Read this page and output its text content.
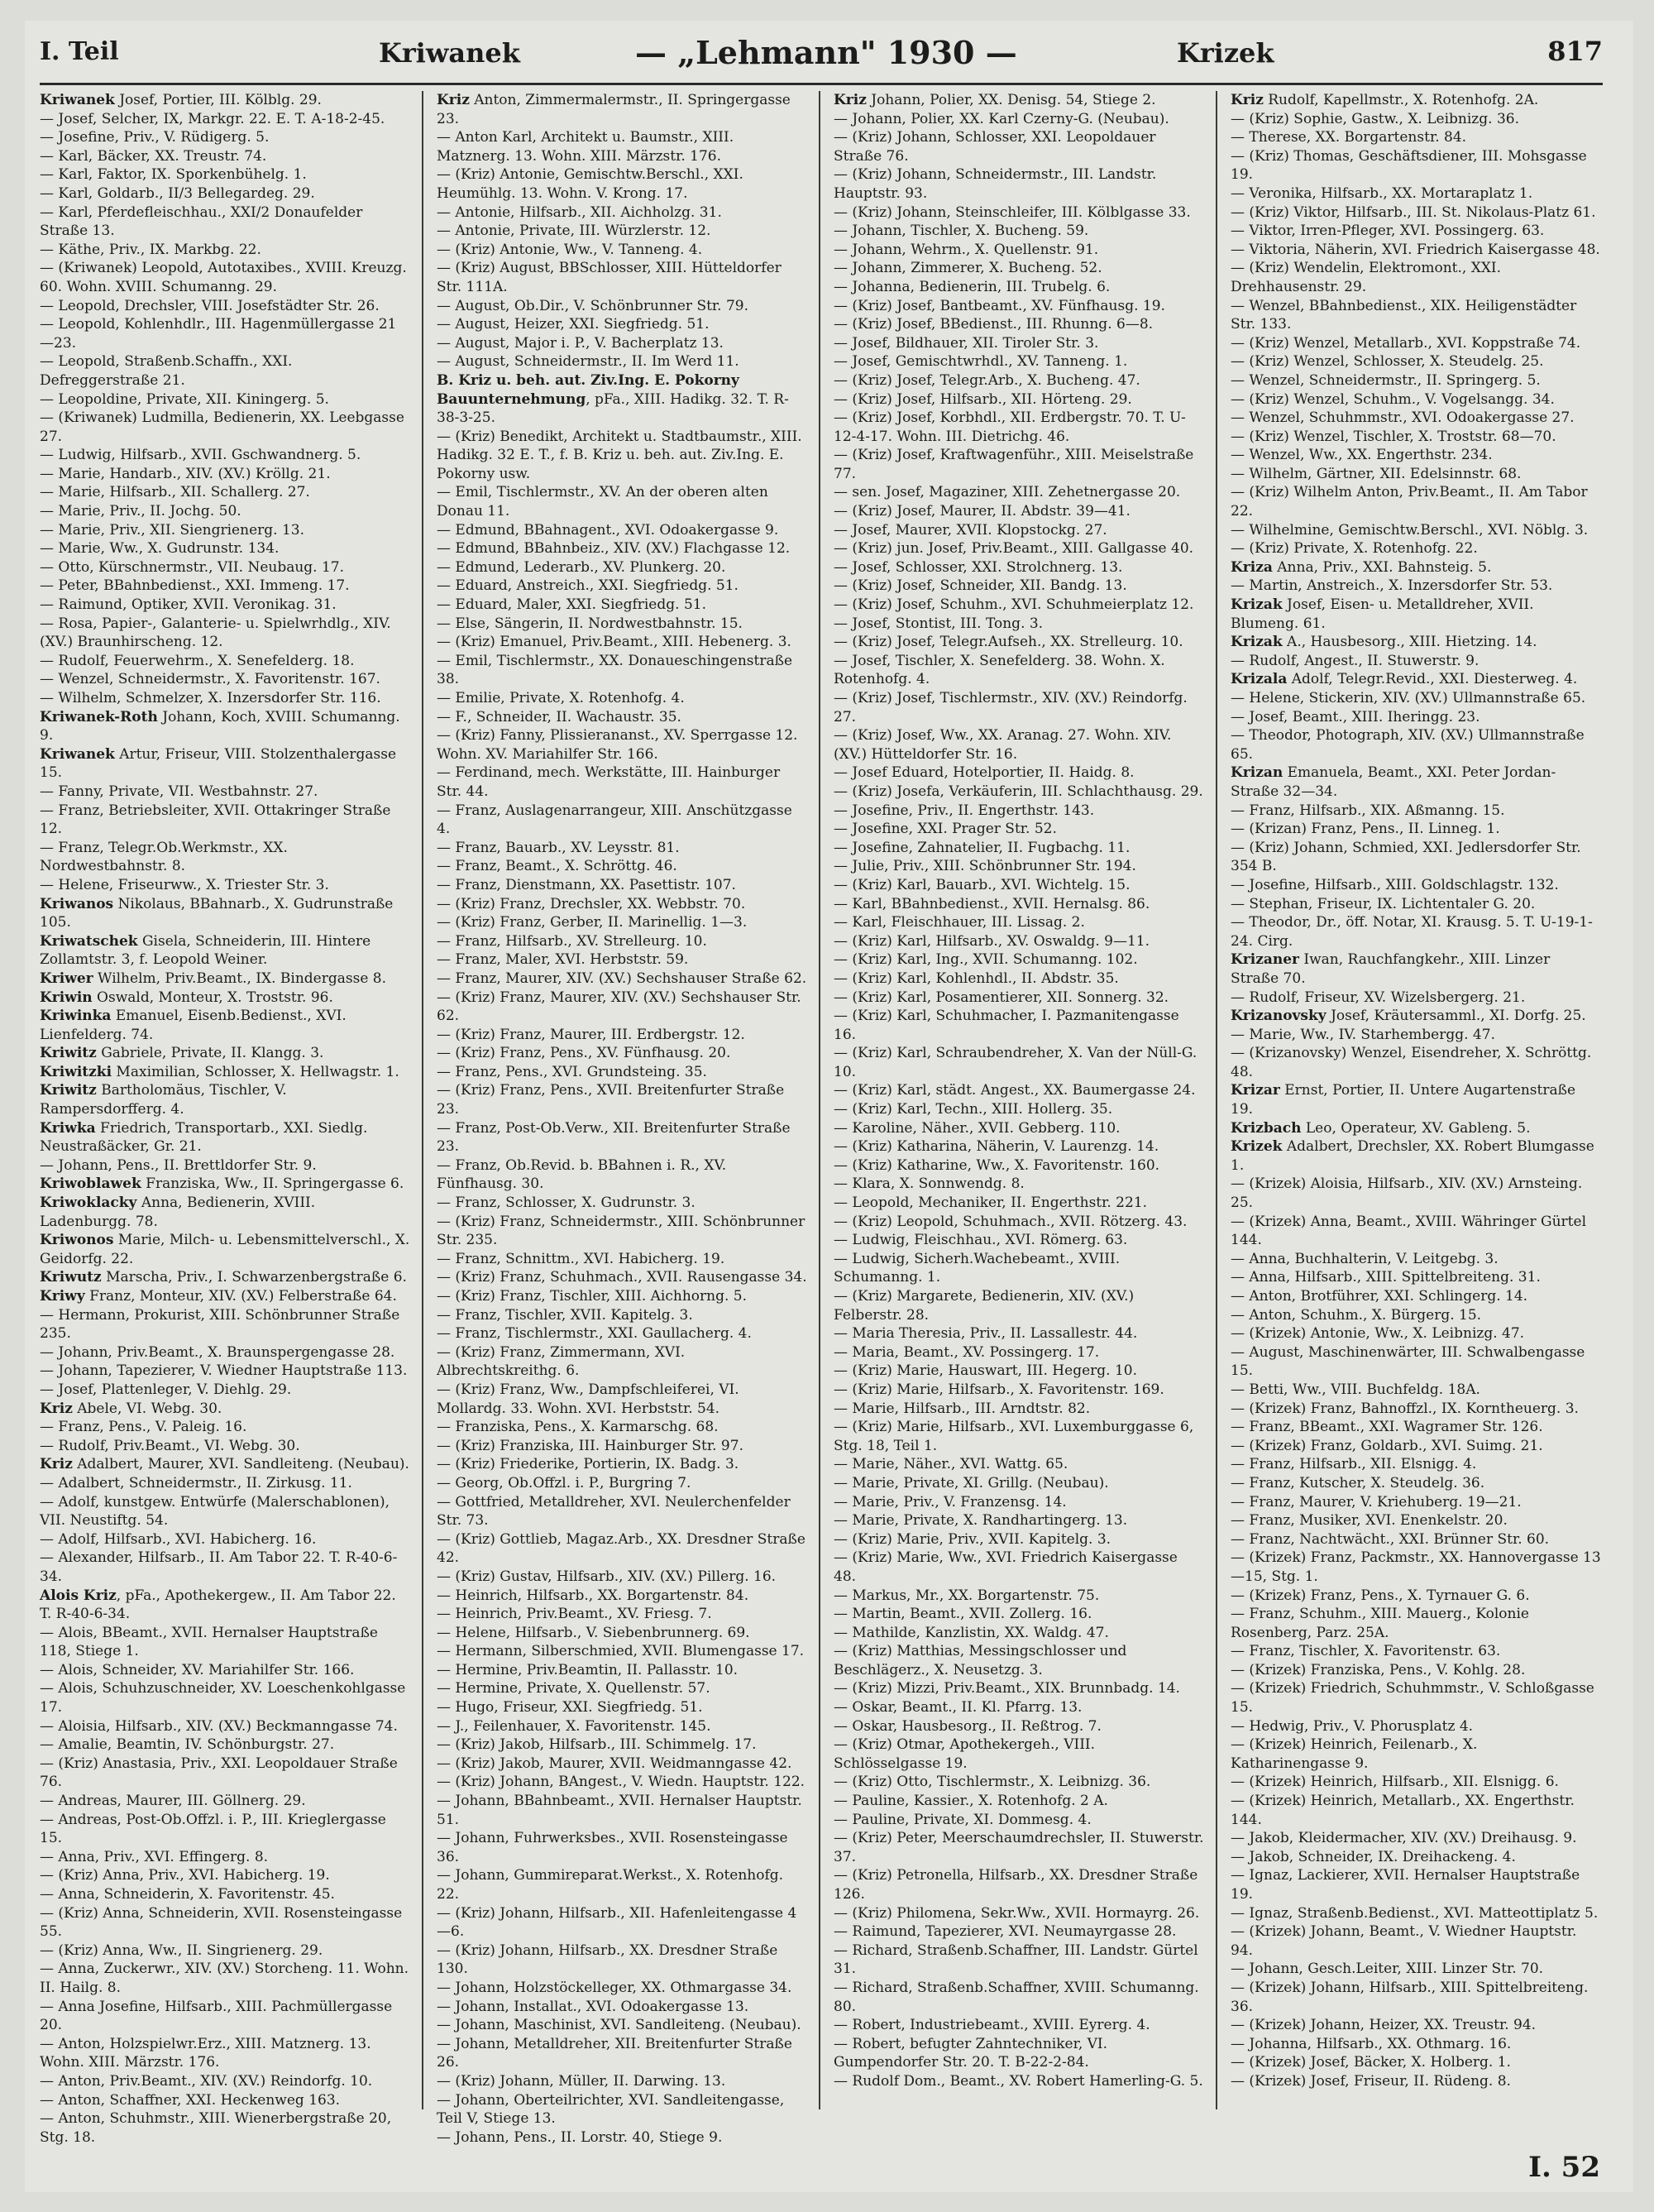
I. Teil	Kriwanek	— „Lehmann" 1930 —	Krizek	817
Kriwanek Josef, Portier, III. Kölblg. 29.
— Josef, Selcher, IX, Markgr. 22. E. T. A-18-2-45.
— Josefine, Priv., V. Rüdigerg. 5.
— Karl, Bäcker, XX. Treustr. 74.
— Karl, Faktor, IX. Sporkenbühelg. 1.
— Karl, Goldarb., II/3 Bellegardeg. 29.
— Karl, Pferdefleischhau., XXI/2 Donaufelder Straße 13.
— Käthe, Priv., IX. Markbg. 22.
— (Kriwanek) Leopold, Autotaxibes., XVIII. Kreuzg. 60. Wohn. XVIII. Schumanng. 29.
— Leopold, Drechsler, VIII. Josefstädter Str. 26.
— Leopold, Kohlenhdlr., III. Hagenmüllergasse 21—23.
— Leopold, Straßenb.Schaffn., XXI. Defreggerstraße 21.
— Leopoldine, Private, XII. Kiningerg. 5.
— (Kriwanek) Ludmilla, Bedienerin, XX. Leebgasse 27.
— Ludwig, Hilfsarb., XVII. Gschwandnerg. 5.
— Marie, Handarb., XIV. (XV.) Kröllg. 21.
— Marie, Hilfsarb., XII. Schallerg. 27.
— Marie, Priv., II. Jochg. 50.
— Marie, Priv., XII. Siengrienerg. 13.
— Marie, Ww., X. Gudrunstr. 134.
— Otto, Kürschnermstr., VII. Neubaug. 17.
— Peter, BBahnbedienst., XXI. Immeng. 17.
— Raimund, Optiker, XVII. Veronikag. 31.
— Rosa, Papier-, Galanterie- u. Spielwrhdlg., XIV. (XV.) Braunhirscheng. 12.
— Rudolf, Feuerwehrm., X. Senefelderg. 18.
— Wenzel, Schneidermstr., X. Favoritenstr. 167.
— Wilhelm, Schmelzer, X. Inzersdorfer Str. 116.
Kriwanek-Roth Johann, Koch, XVIII. Schumanng. 9.
Kriwanek Artur, Friseur, VIII. Stolzenthalergasse 15.
— Fanny, Private, VII. Westbahnstr. 27.
— Franz, Betriebsleiter, XVII. Ottakringer Straße 12.
— Franz, Telegr.Ob.Werkmstr., XX. Nordwestbahnstr. 8.
— Helene, Friseurww., X. Triester Str. 3.
Kriwanos Nikolaus, BBahnarb., X. Gudrunstraße 105.
Kriwatschek Gisela, Schneiderin, III. Hintere Zollamtstr. 3, f. Leopold Weiner.
Kriwer Wilhelm, Priv.Beamt., IX. Bindergasse 8.
Kriwin Oswald, Monteur, X. Troststr. 96.
Kriwinka Emanuel, Eisenb.Bedienst., XVI. Lienfelderg. 74.
Kriwitz Gabriele, Private, II. Klangg. 3.
Kriwitzki Maximilian, Schlosser, X. Hellwagstr. 1.
Kriwitz Bartholomäus, Tischler, V. Rampersdorfferg. 4.
Kriwka Friedrich, Transportarb., XXI. Siedlg. Neustraßäcker, Gr. 21.
— Johann, Pens., II. Brettldorfer Str. 9.
Kriwoblawek Franziska, Ww., II. Springergasse 6.
Kriwoklacky Anna, Bedienerin, XVIII. Ladenburgg. 78.
Kriwonos Marie, Milch- u. Lebensmittelverschl., X. Geidorfg. 22.
Kriwutz Marscha, Priv., I. Schwarzenbergstraße 6.
Kriwy Franz, Monteur, XIV. (XV.) Felberstraße 64.
— Hermann, Prokurist, XIII. Schönbrunner Straße 235.
— Johann, Priv.Beamt., X. Braunspergengasse 28.
— Johann, Tapezierer, V. Wiedner Hauptstraße 113.
— Josef, Plattenleger, V. Diehlg. 29.
Kriz Abele, VI. Webg. 30.
— Franz, Pens., V. Paleig. 16.
— Rudolf, Priv.Beamt., VI. Webg. 30.
Kriz Adalbert, Maurer, XVI. Sandleiteng. (Neubau).
— Adalbert, Schneidermstr., II. Zirkusg. 11.
— Adolf, kunstgew. Entwürfe (Malerschablonen), VII. Neustiftg. 54.
— Adolf, Hilfsarb., XVI. Habicherg. 16.
— Alexander, Hilfsarb., II. Am Tabor 22. T. R-40-6-34.
Alois Kriz, pFa., Apothekergew., II. Am Tabor 22. T. R-40-6-34.
— Alois, BBeamt., XVII. Hernalser Hauptstraße 118, Stiege 1.
— Alois, Schneider, XV. Mariahilfer Str. 166.
— Alois, Schuhzuschneider, XV. Loeschenkohlgasse 17.
— Aloisia, Hilfsarb., XIV. (XV.) Beckmanngasse 74.
— Amalie, Beamtin, IV. Schönburgstr. 27.
— (Kriz) Anastasia, Priv., XXI. Leopoldauer Straße 76.
— Andreas, Maurer, III. Göllnerg. 29.
— Andreas, Post-Ob.Offzl. i. P., III. Krieglergasse 15.
— Anna, Priv., XVI. Effingerg. 8.
— (Kriz) Anna, Priv., XVI. Habicherg. 19.
— Anna, Schneiderin, X. Favoritenstr. 45.
— (Kriz) Anna, Schneiderin, XVII. Rosensteingasse 55.
— (Kriz) Anna, Ww., II. Singrienerg. 29.
— Anna, Zuckerwr., XIV. (XV.) Storcheng. 11. Wohn. II. Hailg. 8.
— Anna Josefine, Hilfsarb., XIII. Pachmüllergasse 20.
— Anton, Holzspielwr.Erz., XIII. Matznerg. 13. Wohn. XIII. Märzstr. 176.
— Anton, Priv.Beamt., XIV. (XV.) Reindorfg. 10.
— Anton, Schaffner, XXI. Heckenweg 163.
— Anton, Schuhmstr., XIII. Wienerbergstraße 20, Stg. 18.
Kriz Anton, Zimmermalermstr., II. Springergasse 23.
— Anton Karl, Architekt u. Baumstr., XIII. Matznerg. 13. Wohn. XIII. Märzstr. 176.
— (Kriz) Antonie, Gemischtw.Berschl., XXI. Heumühlg. 13. Wohn. V. Krong. 17.
— Antonie, Hilfsarb., XII. Aichholzg. 31.
— Antonie, Private, III. Würzlerstr. 12.
— (Kriz) Antonie, Ww., V. Tanneng. 4.
— (Kriz) August, BBSchlosser, XIII. Hütteldorfer Str. 111A.
— August, Ob.Dir., V. Schönbrunner Str. 79.
— August, Heizer, XXI. Siegfriedg. 51.
— August, Major i. P., V. Bacherplatz 13.
— August, Schneidermstr., II. Im Werd 11.
B. Kriz u. beh. aut. Ziv.Ing. E. Pokorny Bauunternehmung, pFa., XIII. Hadikg. 32. T. R-38-3-25.
— (Kriz) Benedikt, Architekt u. Stadtbaumstr., XIII. Hadikg. 32 E. T., f. B. Kriz u. beh. aut. Ziv.Ing. E. Pokorny usw.
— Emil, Tischlermstr., XV. An der oberen alten Donau 11.
— Edmund, BBahnagent., XVI. Odoakergasse 9.
— Edmund, BBahnbeiz., XIV. (XV.) Flachgasse 12.
— Edmund, Lederarb., XV. Plunkerg. 20.
— Eduard, Anstreich., XXI. Siegfriedg. 51.
— Eduard, Maler, XXI. Siegfriedg. 51.
— Else, Sängerin, II. Nordwestbahnstr. 15.
— (Kriz) Emanuel, Priv.Beamt., XIII. Hebenerg. 3.
— Emil, Tischlermstr., XX. Donaueschingenstraße 38.
— Emilie, Private, X. Rotenhofg. 4.
— F., Schneider, II. Wachaustr. 35.
— (Kriz) Fanny, Plissierananst., XV. Sperrgasse 12. Wohn. XV. Mariahilfer Str. 166.
— Ferdinand, mech. Werkstätte, III. Hainburger Str. 44.
— Franz, Auslagenarrangeur, XIII. Anschützgasse 4.
— Franz, Bauarb., XV. Leysstr. 81.
— Franz, Beamt., X. Schröttg. 46.
— Franz, Dienstmann, XX. Pasettistr. 107.
— (Kriz) Franz, Drechsler, XX. Webbstr. 70.
— (Kriz) Franz, Gerber, II. Marinellig. 1—3.
— Franz, Hilfsarb., XV. Strelleurg. 10.
— Franz, Maler, XVI. Herbststr. 59.
— Franz, Maurer, XIV. (XV.) Sechshauser Straße 62.
— (Kriz) Franz, Maurer, XIV. (XV.) Sechshauser Str. 62.
— (Kriz) Franz, Maurer, III. Erdbergstr. 12.
— (Kriz) Franz, Pens., XV. Fünfhausg. 20.
— Franz, Pens., XVI. Grundsteing. 35.
— (Kriz) Franz, Pens., XVII. Breitenfurter Straße 23.
— Franz, Post-Ob.Verw., XII. Breitenfurter Straße 23.
— Franz, Ob.Revid. b. BBahnen i. R., XV. Fünfhausg. 30.
— Franz, Schlosser, X. Gudrunstr. 3.
— (Kriz) Franz, Schneidermstr., XIII. Schönbrunner Str. 235.
— Franz, Schnittm., XVI. Habicherg. 19.
— (Kriz) Franz, Schuhmach., XVII. Rausengasse 34.
— (Kriz) Franz, Tischler, XIII. Aichhorng. 5.
— Franz, Tischler, XVII. Kapitelg. 3.
— Franz, Tischlermstr., XXI. Gaullacherg. 4.
— (Kriz) Franz, Zimmermann, XVI. Albrechtskreithg. 6.
— (Kriz) Franz, Ww., Dampfschleiferei, VI. Mollardg. 33. Wohn. XVI. Herbststr. 54.
— Franziska, Pens., X. Karmarschg. 68.
— (Kriz) Franziska, III. Hainburger Str. 97.
— (Kriz) Friederike, Portierin, IX. Badg. 3.
— Georg, Ob.Offzl. i. P., Burgring 7.
— Gottfried, Metalldreher, XVI. Neulerchenfelder Str. 73.
— (Kriz) Gottlieb, Magaz.Arb., XX. Dresdner Straße 42.
— (Kriz) Gustav, Hilfsarb., XIV. (XV.) Pillerg. 16.
— Heinrich, Hilfsarb., XX. Borgartenstr. 84.
— Heinrich, Priv.Beamt., XV. Friesg. 7.
— Helene, Hilfsarb., V. Siebenbrunnerg. 69.
— Hermann, Silberschmied, XVII. Blumengasse 17.
— Hermine, Priv.Beamtin, II. Pallasstr. 10.
— Hermine, Private, X. Quellenstr. 57.
— Hugo, Friseur, XXI. Siegfriedg. 51.
— J., Feilenhauer, X. Favoritenstr. 145.
— (Kriz) Jakob, Hilfsarb., III. Schimmelg. 17.
— (Kriz) Jakob, Maurer, XVII. Weidmanngasse 42.
— (Kriz) Johann, BAngest., V. Wiedn. Hauptstr. 122.
— Johann, BBahnbeamt., XVII. Hernalser Hauptstr. 51.
— Johann, Fuhrwerksbes., XVII. Rosensteingasse 36.
— Johann, Gummireparat.Werkst., X. Rotenhofg. 22.
— (Kriz) Johann, Hilfsarb., XII. Hafenleitengasse 4—6.
— (Kriz) Johann, Hilfsarb., XX. Dresdner Straße 130.
— Johann, Holzstöckelleger, XX. Othmargasse 34.
— Johann, Installat., XVI. Odoakergasse 13.
— Johann, Maschinist, XVI. Sandleiteng. (Neubau).
— Johann, Metalldreher, XII. Breitenfurter Straße 26.
— (Kriz) Johann, Müller, II. Darwing. 13.
— Johann, Oberteilrichter, XVI. Sandleitengasse, Teil V, Stiege 13.
— Johann, Pens., II. Lorstr. 40, Stiege 9.
Kriz Johann, Polier, XX. Denisg. 54, Stiege 2.
— Johann, Polier, XX. Karl Czerny-G. (Neubau).
— (Kriz) Johann, Schlosser, XXI. Leopoldauer Straße 76.
— (Kriz) Johann, Schneidermstr., III. Landstr. Hauptstr. 93.
— (Kriz) Johann, Steinschleifer, III. Kölblgasse 33.
— Johann, Tischler, X. Bucheng. 59.
— Johann, Wehrm., X. Quellenstr. 91.
— Johann, Zimmerer, X. Bucheng. 52.
— Johanna, Bedienerin, III. Trubelg. 6.
— (Kriz) Josef, Bantbeamt., XV. Fünfhausg. 19.
— (Kriz) Josef, BBedienst., III. Rhunng. 6—8.
— Josef, Bildhauer, XII. Tiroler Str. 3.
— Josef, Gemischtwrhdl., XV. Tanneng. 1.
— (Kriz) Josef, Telegr.Arb., X. Bucheng. 47.
— (Kriz) Josef, Hilfsarb., XII. Hörteng. 29.
— (Kriz) Josef, Korbhdl., XII. Erdbergstr. 70. T. U-12-4-17. Wohn. III. Dietrichg. 46.
— (Kriz) Josef, Kraftwagenführ., XIII. Meiselstraße 77.
— sen. Josef, Magaziner, XIII. Zehetnergasse 20.
— (Kriz) Josef, Maurer, II. Abdstr. 39—41.
— Josef, Maurer, XVII. Klopstockg. 27.
— (Kriz) jun. Josef, Priv.Beamt., XIII. Gallgasse 40.
— Josef, Schlosser, XXI. Strolchnerg. 13.
— (Kriz) Josef, Schneider, XII. Bandg. 13.
— (Kriz) Josef, Schuhm., XVI. Schuhmeierplatz 12.
— Josef, Stontist, III. Tong. 3.
— (Kriz) Josef, Telegr.Aufseh., XX. Strelleurg. 10.
— Josef, Tischler, X. Senefelderg. 38. Wohn. X. Rotenhofg. 4.
— (Kriz) Josef, Tischlermstr., XIV. (XV.) Reindorfg. 27.
— (Kriz) Josef, Ww., XX. Aranag. 27. Wohn. XIV. (XV.) Hütteldorfer Str. 16.
— Josef Eduard, Hotelportier, II. Haidg. 8.
— (Kriz) Josefa, Verkäuferin, III. Schlachthausg. 29.
— Josefine, Priv., II. Engerthstr. 143.
— Josefine, XXI. Prager Str. 52.
— Josefine, Zahnatelier, II. Fugbachg. 11.
— Julie, Priv., XIII. Schönbrunner Str. 194.
— (Kriz) Karl, Bauarb., XVI. Wichtelg. 15.
— Karl, BBahnbedienst., XVII. Hernalsg. 86.
— Karl, Fleischhauer, III. Lissag. 2.
— (Kriz) Karl, Hilfsarb., XV. Oswaldg. 9—11.
— (Kriz) Karl, Ing., XVII. Schumanng. 102.
— (Kriz) Karl, Kohlenhdl., II. Abdstr. 35.
— (Kriz) Karl, Posamentierer, XII. Sonnerg. 32.
— (Kriz) Karl, Schuhmacher, I. Pazmanitengasse 16.
— (Kriz) Karl, Schraubendreher, X. Van der Nüll-G. 10.
— (Kriz) Karl, städt. Angest., XX. Baumergasse 24.
— (Kriz) Karl, Techn., XIII. Hollerg. 35.
— Karoline, Näher., XVII. Gebberg. 110.
— (Kriz) Katharina, Näherin, V. Laurenzg. 14.
— (Kriz) Katharine, Ww., X. Favoritenstr. 160.
— Klara, X. Sonnwendg. 8.
— Leopold, Mechaniker, II. Engerthstr. 221.
— (Kriz) Leopold, Schuhmach., XVII. Rötzerg. 43.
— Ludwig, Fleischhau., XVI. Römerg. 63.
— Ludwig, Sicherh.Wachebeamt., XVIII. Schumanng. 1.
— (Kriz) Margarete, Bedienerin, XIV. (XV.) Felberstr. 28.
— Maria Theresia, Priv., II. Lassallestr. 44.
— Maria, Beamt., XV. Possingerg. 17.
— (Kriz) Marie, Hauswart, III. Hegerg. 10.
— (Kriz) Marie, Hilfsarb., X. Favoritenstr. 169.
— Marie, Hilfsarb., III. Arndtstr. 82.
— (Kriz) Marie, Hilfsarb., XVI. Luxemburggasse 6, Stg. 18, Teil 1.
— Marie, Näher., XVI. Wattg. 65.
— Marie, Private, XI. Grillg. (Neubau).
— Marie, Priv., V. Franzensg. 14.
— Marie, Private, X. Randhartingerg. 13.
— (Kriz) Marie, Priv., XVII. Kapitelg. 3.
— (Kriz) Marie, Ww., XVI. Friedrich Kaisergasse 48.
— Markus, Mr., XX. Borgartenstr. 75.
— Martin, Beamt., XVII. Zollerg. 16.
— Mathilde, Kanzlistin, XX. Waldg. 47.
— (Kriz) Matthias, Messingschlosser und Beschlägerz., X. Neusetzg. 3.
— (Kriz) Mizzi, Priv.Beamt., XIX. Brunnbadg. 14.
— Oskar, Beamt., II. Kl. Pfarrg. 13.
— Oskar, Hausbesorg., II. Reßtrog. 7.
— (Kriz) Otmar, Apothekergeh., VIII. Schlösselgasse 19.
— (Kriz) Otto, Tischlermstr., X. Leibnizg. 36.
— Pauline, Kassier., X. Rotenhofg. 2 A.
— Pauline, Private, XI. Dommesg. 4.
— (Kriz) Peter, Meerschaumdrechsler, II. Stuwerstr. 37.
— (Kriz) Petronella, Hilfsarb., XX. Dresdner Straße 126.
— (Kriz) Philomena, Sekr.Ww., XVII. Hormayrg. 26.
— Raimund, Tapezierer, XVI. Neumayrgasse 28.
— Richard, Straßenb.Schaffner, III. Landstr. Gürtel 31.
— Richard, Straßenb.Schaffner, XVIII. Schumanng. 80.
— Robert, Industriebeamt., XVIII. Eyrerg. 4.
— Robert, befugter Zahntechniker, VI. Gumpendorfer Str. 20. T. B-22-2-84.
— Rudolf Dom., Beamt., XV. Robert Hamerling-G. 5.
Kriz Rudolf, Kapellmstr., X. Rotenhofg. 2A.
— (Kriz) Sophie, Gastw., X. Leibnizg. 36.
— Therese, XX. Borgartenstr. 84.
— (Kriz) Thomas, Geschäftsdiener, III. Mohsgasse 19.
— Veronika, Hilfsarb., XX. Mortaraplatz 1.
— (Kriz) Viktor, Hilfsarb., III. St. Nikolaus-Platz 61.
— Viktor, Irren-Pfleger, XVI. Possingerg. 63.
— Viktoria, Näherin, XVI. Friedrich Kaisergasse 48.
— (Kriz) Wendelin, Elektromont., XXI. Drehhausenstr. 29.
— Wenzel, BBahnbedienst., XIX. Heiligenstädter Str. 133.
— (Kriz) Wenzel, Metallarb., XVI. Koppstraße 74.
— (Kriz) Wenzel, Schlosser, X. Steudelg. 25.
— Wenzel, Schneidermstr., II. Springerg. 5.
— (Kriz) Wenzel, Schuhm., V. Vogelsangg. 34.
— Wenzel, Schuhmmstr., XVI. Odoakergasse 27.
— (Kriz) Wenzel, Tischler, X. Troststr. 68—70.
— Wenzel, Ww., XX. Engerthstr. 234.
— Wilhelm, Gärtner, XII. Edelsinnstr. 68.
— (Kriz) Wilhelm Anton, Priv.Beamt., II. Am Tabor 22.
— Wilhelmine, Gemischtw.Berschl., XVI. Nöblg. 3.
— (Kriz) Private, X. Rotenhofg. 22.
Kriza Anna, Priv., XXI. Bahnsteig. 5.
— Martin, Anstreich., X. Inzersdorfer Str. 53.
Krizak Josef, Eisen- u. Metalldreher, XVII. Blumeng. 61.
Krizak A., Hausbesorg., XIII. Hietzing. 14.
— Rudolf, Angest., II. Stuwerstr. 9.
Krizala Adolf, Telegr.Revid., XXI. Diesterweg. 4.
— Helene, Stickerin, XIV. (XV.) Ullmannstraße 65.
— Josef, Beamt., XIII. Iheringg. 23.
— Theodor, Photograph, XIV. (XV.) Ullmannstraße 65.
Krizan Emanuela, Beamt., XXI. Peter Jordan-Straße 32—34.
— Franz, Hilfsarb., XIX. Aßmanng. 15.
— (Krizan) Franz, Pens., II. Linneg. 1.
— (Kriz) Johann, Schmied, XXI. Jedlersdorfer Str. 354 B.
— Josefine, Hilfsarb., XIII. Goldschlagstr. 132.
— Stephan, Friseur, IX. Lichtentaler G. 20.
— Theodor, Dr., öff. Notar, XI. Krausg. 5. T. U-19-1-24. Cirg.
Krizaner Iwan, Rauchfangkehr., XIII. Linzer Straße 70.
— Rudolf, Friseur, XV. Wizelsbergerg. 21.
Krizanovsky Josef, Kräutersamml., XI. Dorfg. 25.
— Marie, Ww., IV. Starhembergg. 47.
— (Krizanovsky) Wenzel, Eisendreher, X. Schröttg. 48.
Krizar Ernst, Portier, II. Untere Augartenstraße 19.
Krizbach Leo, Operateur, XV. Gableng. 5.
Krizek Adalbert, Drechsler, XX. Robert Blumgasse 1.
— (Krizek) Aloisia, Hilfsarb., XIV. (XV.) Arnsteing. 25.
— (Krizek) Anna, Beamt., XVIII. Währinger Gürtel 144.
— Anna, Buchhalterin, V. Leitgebg. 3.
— Anna, Hilfsarb., XIII. Spittelbreiteng. 31.
— Anton, Brotführer, XXI. Schlingerg. 14.
— Anton, Schuhm., X. Bürgerg. 15.
— (Krizek) Antonie, Ww., X. Leibnizg. 47.
— August, Maschinenwärter, III. Schwalbengasse 15.
— Betti, Ww., VIII. Buchfeldg. 18A.
— (Krizek) Franz, Bahnoffzl., IX. Korntheuerg. 3.
— Franz, BBeamt., XXI. Wagramer Str. 126.
— (Krizek) Franz, Goldarb., XVI. Suimg. 21.
— Franz, Hilfsarb., XII. Elsnigg. 4.
— Franz, Kutscher, X. Steudelg. 36.
— Franz, Maurer, V. Kriehuberg. 19—21.
— Franz, Musiker, XVI. Enenkelstr. 20.
— Franz, Nachtwächt., XXI. Brünner Str. 60.
— (Krizek) Franz, Packmstr., XX. Hannovergasse 13—15, Stg. 1.
— (Krizek) Franz, Pens., X. Tyrnauer G. 6.
— Franz, Schuhm., XIII. Mauerg., Kolonie Rosenberg, Parz. 25A.
— Franz, Tischler, X. Favoritenstr. 63.
— (Krizek) Franziska, Pens., V. Kohlg. 28.
— (Krizek) Friedrich, Schuhmmstr., V. Schloßgasse 15.
— Hedwig, Priv., V. Phorusplatz 4.
— (Krizek) Heinrich, Feilenarb., X. Katharinengasse 9.
— (Krizek) Heinrich, Hilfsarb., XII. Elsnigg. 6.
— (Krizek) Heinrich, Metallarb., XX. Engerthstr. 144.
— Jakob, Kleidermacher, XIV. (XV.) Dreihausg. 9.
— Jakob, Schneider, IX. Dreihackeng. 4.
— Ignaz, Lackierer, XVII. Hernalser Hauptstraße 19.
— Ignaz, Straßenb.Bedienst., XVI. Matteottiplatz 5.
— (Krizek) Johann, Beamt., V. Wiedner Hauptstr. 94.
— Johann, Gesch.Leiter, XIII. Linzer Str. 70.
— (Krizek) Johann, Hilfsarb., XIII. Spittelbreiteng. 36.
— (Krizek) Johann, Heizer, XX. Treustr. 94.
— Johanna, Hilfsarb., XX. Othmarg. 16.
— (Krizek) Josef, Bäcker, X. Holberg. 1.
— (Krizek) Josef, Friseur, II. Rüdeng. 8.
I. 52
